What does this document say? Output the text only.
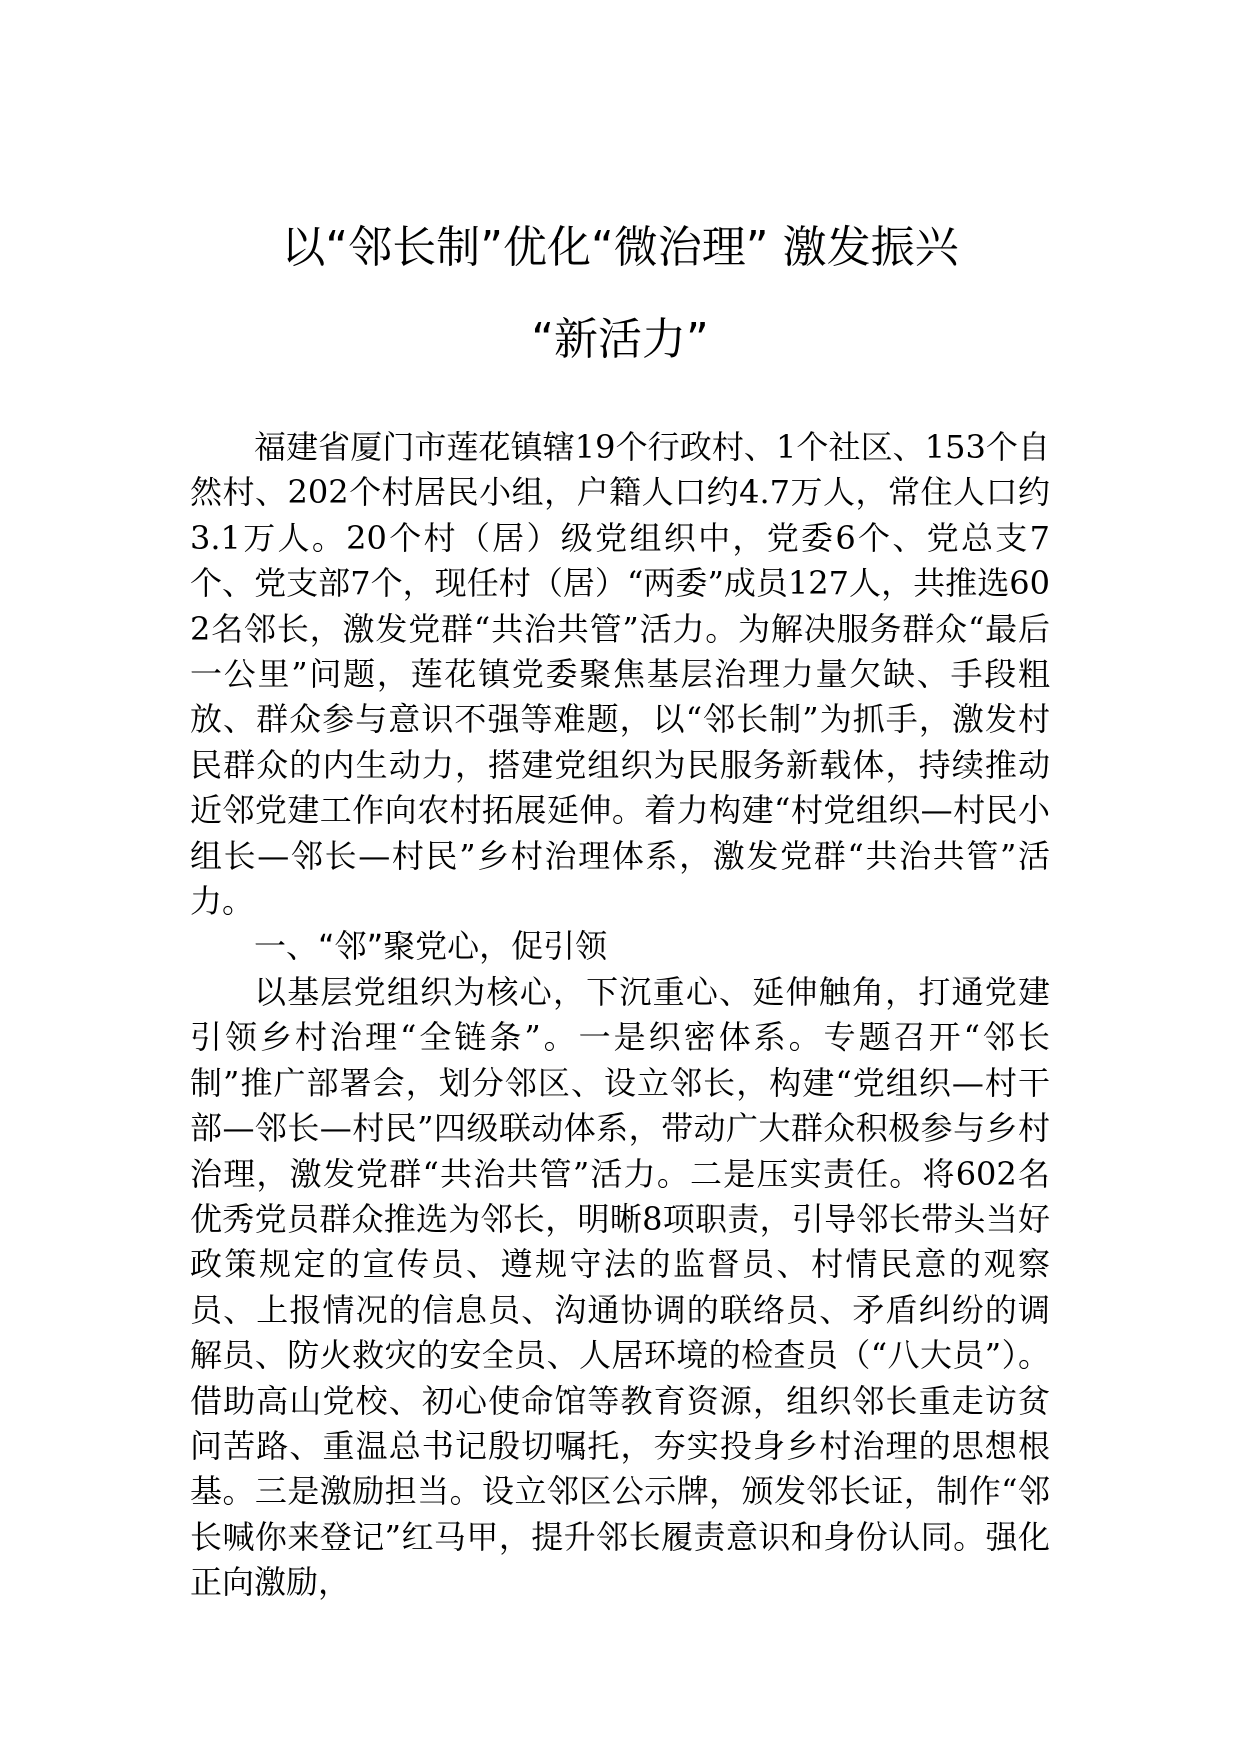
以“邻长制”优化“微治理” 激发振兴
“新活力”

福建省厦门市莲花镇辖19个行政村、1个社区、153个自然村、202个村居民小组，户籍人口约4.7万人，常住人口约3.1万人。20个村（居）级党组织中，党委6个、党总支7个、党支部7个，现任村（居）“两委”成员127人，共推选602名邻长，激发党群“共治共管”活力。为解决服务群众“最后一公里”问题，莲花镇党委聚焦基层治理力量欠缺、手段粗放、群众参与意识不强等难题，以“邻长制”为抓手，激发村民群众的内生动力，搭建党组织为民服务新载体，持续推动近邻党建工作向农村拓展延伸。着力构建“村党组织—村民小组长—邻长—村民”乡村治理体系，激发党群“共治共管”活力。

一、“邻”聚党心，促引领

以基层党组织为核心，下沉重心、延伸触角，打通党建引领乡村治理“全链条”。一是织密体系。专题召开“邻长制”推广部署会，划分邻区、设立邻长，构建“党组织—村干部—邻长—村民”四级联动体系，带动广大群众积极参与乡村治理，激发党群“共治共管”活力。二是压实责任。将602名优秀党员群众推选为邻长，明晰8项职责，引导邻长带头当好政策规定的宣传员、遵规守法的监督员、村情民意的观察员、上报情况的信息员、沟通协调的联络员、矛盾纠纷的调解员、防火救灾的安全员、人居环境的检查员（“八大员”）。借助高山党校、初心使命馆等教育资源，组织邻长重走访贫问苦路、重温总书记殷切嘱托，夯实投身乡村治理的思想根基。三是激励担当。设立邻区公示牌，颁发邻长证，制作“邻长喊你来登记”红马甲，提升邻长履责意识和身份认同。强化正向激励，
